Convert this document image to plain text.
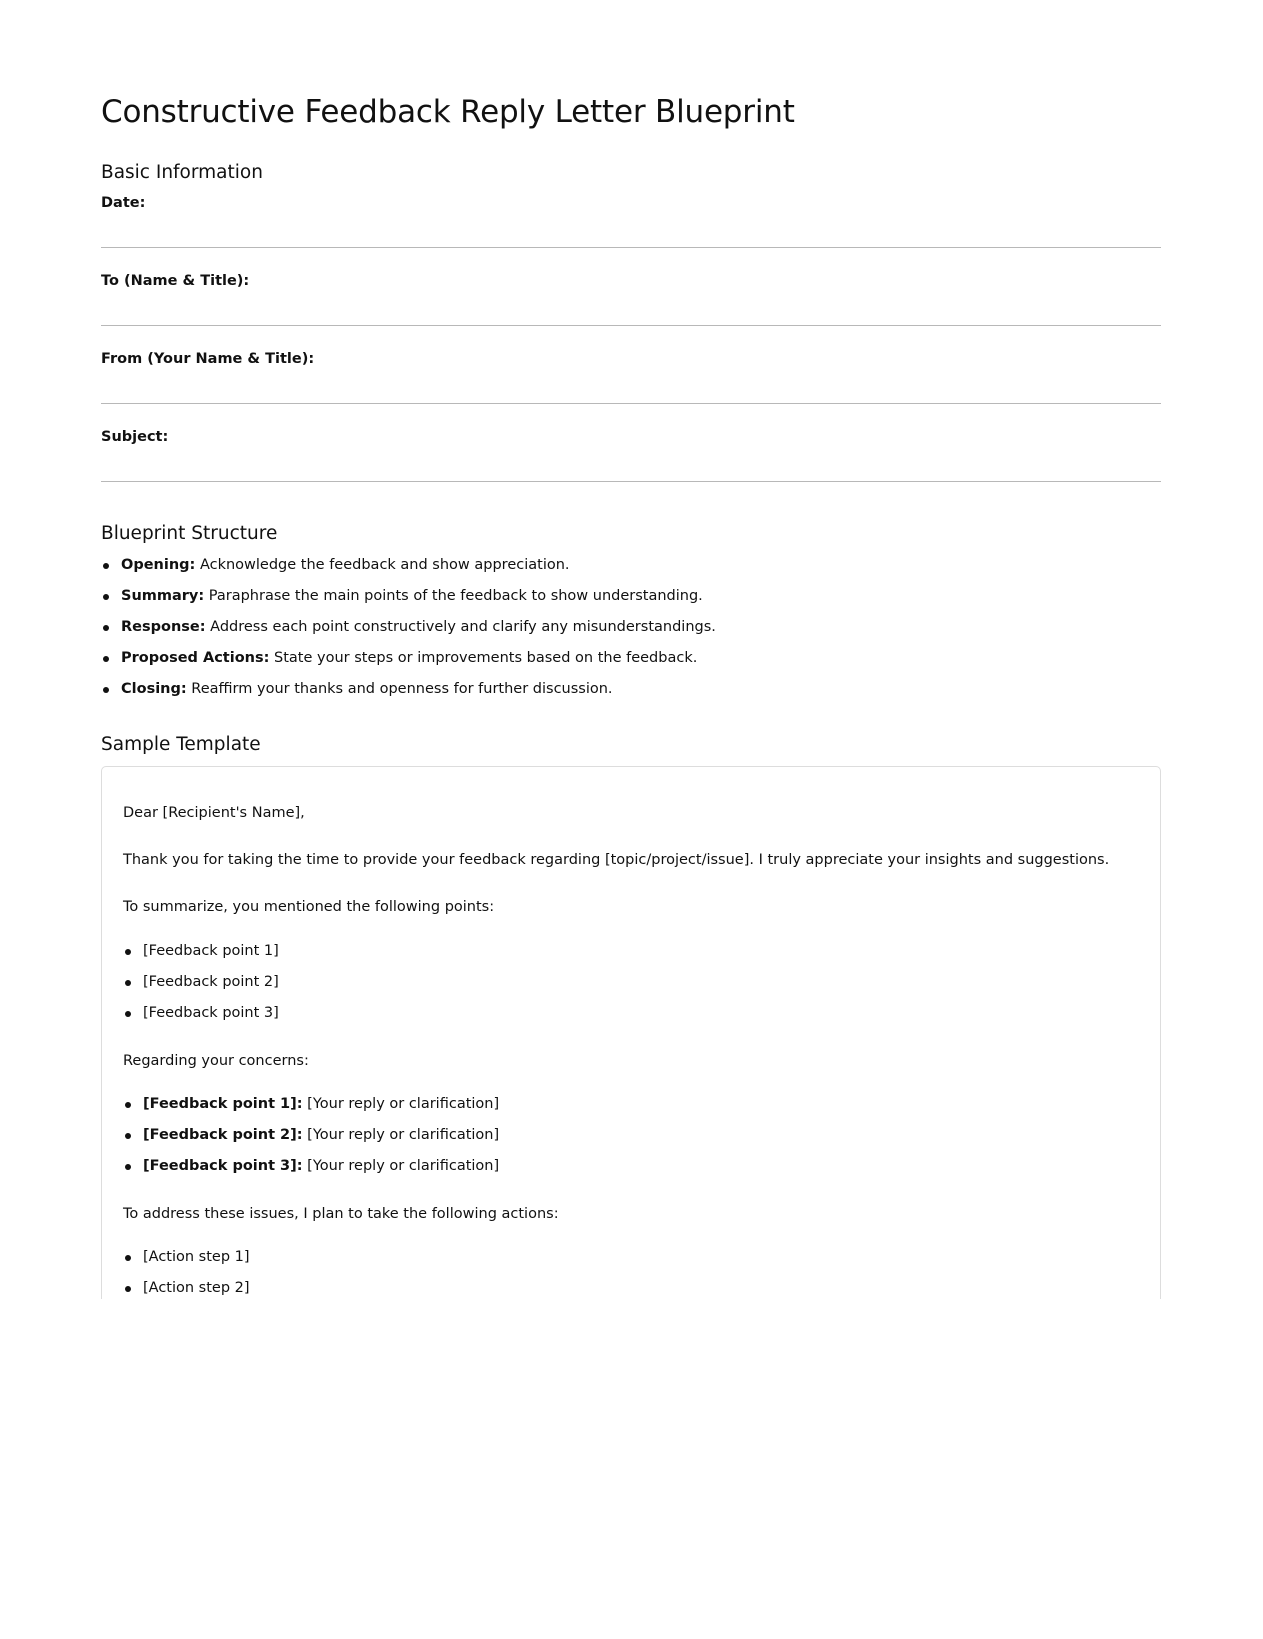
Constructive Feedback Reply Letter Blueprint
Basic Information
Date:
To (Name & Title):
From (Your Name & Title):
Subject:
Blueprint Structure
Opening: Acknowledge the feedback and show appreciation.
Summary: Paraphrase the main points of the feedback to show understanding.
Response: Address each point constructively and clarify any misunderstandings.
Proposed Actions: State your steps or improvements based on the feedback.
Closing: Reaffirm your thanks and openness for further discussion.
Sample Template

Dear [Recipient's Name],

Thank you for taking the time to provide your feedback regarding [topic/project/issue]. I truly appreciate your insights and suggestions.

To summarize, you mentioned the following points:

[Feedback point 1]
[Feedback point 2]
[Feedback point 3]

Regarding your concerns:

[Feedback point 1]: [Your reply or clarification]
[Feedback point 2]: [Your reply or clarification]
[Feedback point 3]: [Your reply or clarification]

To address these issues, I plan to take the following actions:

[Action step 1]
[Action step 2]
